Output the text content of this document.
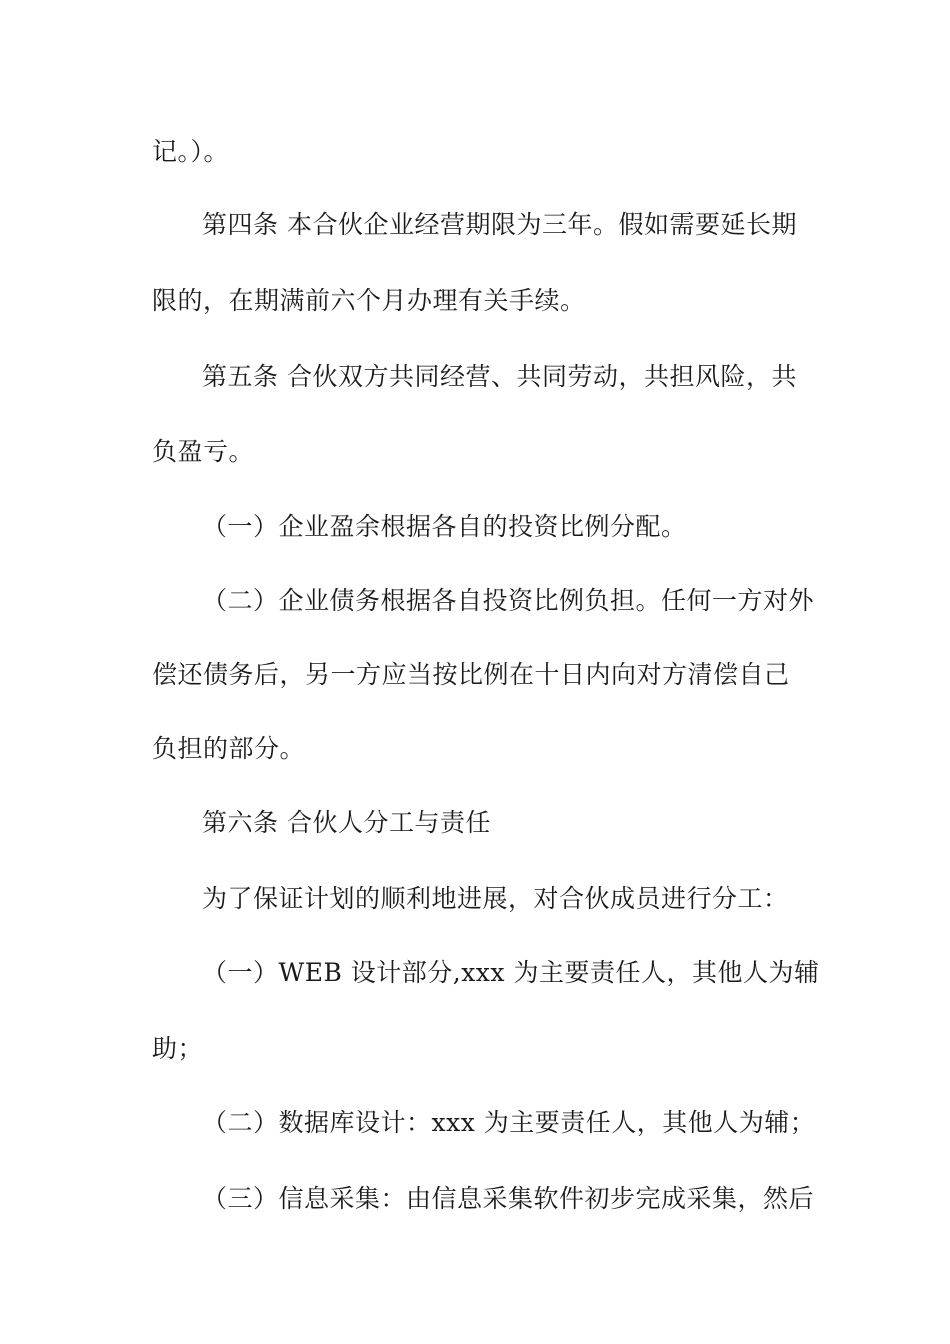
记。）。

第四条 本合伙企业经营期限为三年。假如需要延长期

限的，在期满前六个月办理有关手续。

第五条 合伙双方共同经营、共同劳动，共担风险，共

负盈亏。

（一）企业盈余根据各自的投资比例分配。

（二）企业债务根据各自投资比例负担。任何一方对外

偿还债务后，另一方应当按比例在十日内向对方清偿自己

负担的部分。

第六条 合伙人分工与责任

为了保证计划的顺利地进展，对合伙成员进行分工：

（一）WEB 设计部分,xxx 为主要责任人，其他人为辅

助；

（二）数据库设计：xxx 为主要责任人，其他人为辅；

（三）信息采集：由信息采集软件初步完成采集，然后
